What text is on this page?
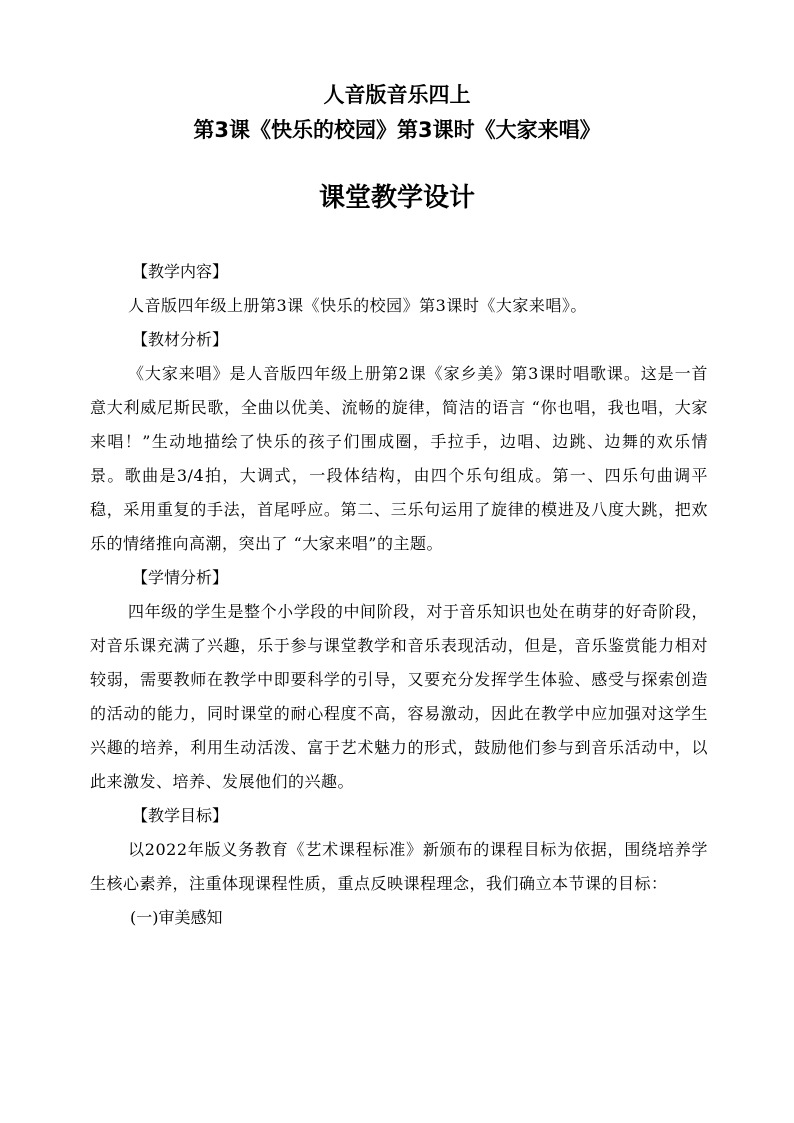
人音版音乐四上
第3课《快乐的校园》第3课时《大家来唱》
课堂教学设计

【教学内容】

人音版四年级上册第3课《快乐的校园》第3课时《大家来唱》。

【教材分析】

《大家来唱》是人音版四年级上册第2课《家乡美》第3课时唱歌课。这是一首意大利威尼斯民歌，全曲以优美、流畅的旋律，简洁的语言 “你也唱，我也唱，大家来唱！”生动地描绘了快乐的孩子们围成圈，手拉手，边唱、边跳、边舞的欢乐情景。歌曲是3/4拍，大调式，一段体结构，由四个乐句组成。第一、四乐句曲调平稳，采用重复的手法，首尾呼应。第二、三乐句运用了旋律的模进及八度大跳，把欢乐的情绪推向高潮，突出了 “大家来唱”的主题。

【学情分析】

四年级的学生是整个小学段的中间阶段，对于音乐知识也处在萌芽的好奇阶段，对音乐课充满了兴趣，乐于参与课堂教学和音乐表现活动，但是，音乐鉴赏能力相对较弱，需要教师在教学中即要科学的引导，又要充分发挥学生体验、感受与探索创造的活动的能力，同时课堂的耐心程度不高，容易激动，因此在教学中应加强对这学生兴趣的培养，利用生动活泼、富于艺术魅力的形式，鼓励他们参与到音乐活动中，以此来激发、培养、发展他们的兴趣。

【教学目标】

以2022年版义务教育《艺术课程标准》新颁布的课程目标为依据，围绕培养学生核心素养，注重体现课程性质，重点反映课程理念，我们确立本节课的目标：

(一)审美感知
